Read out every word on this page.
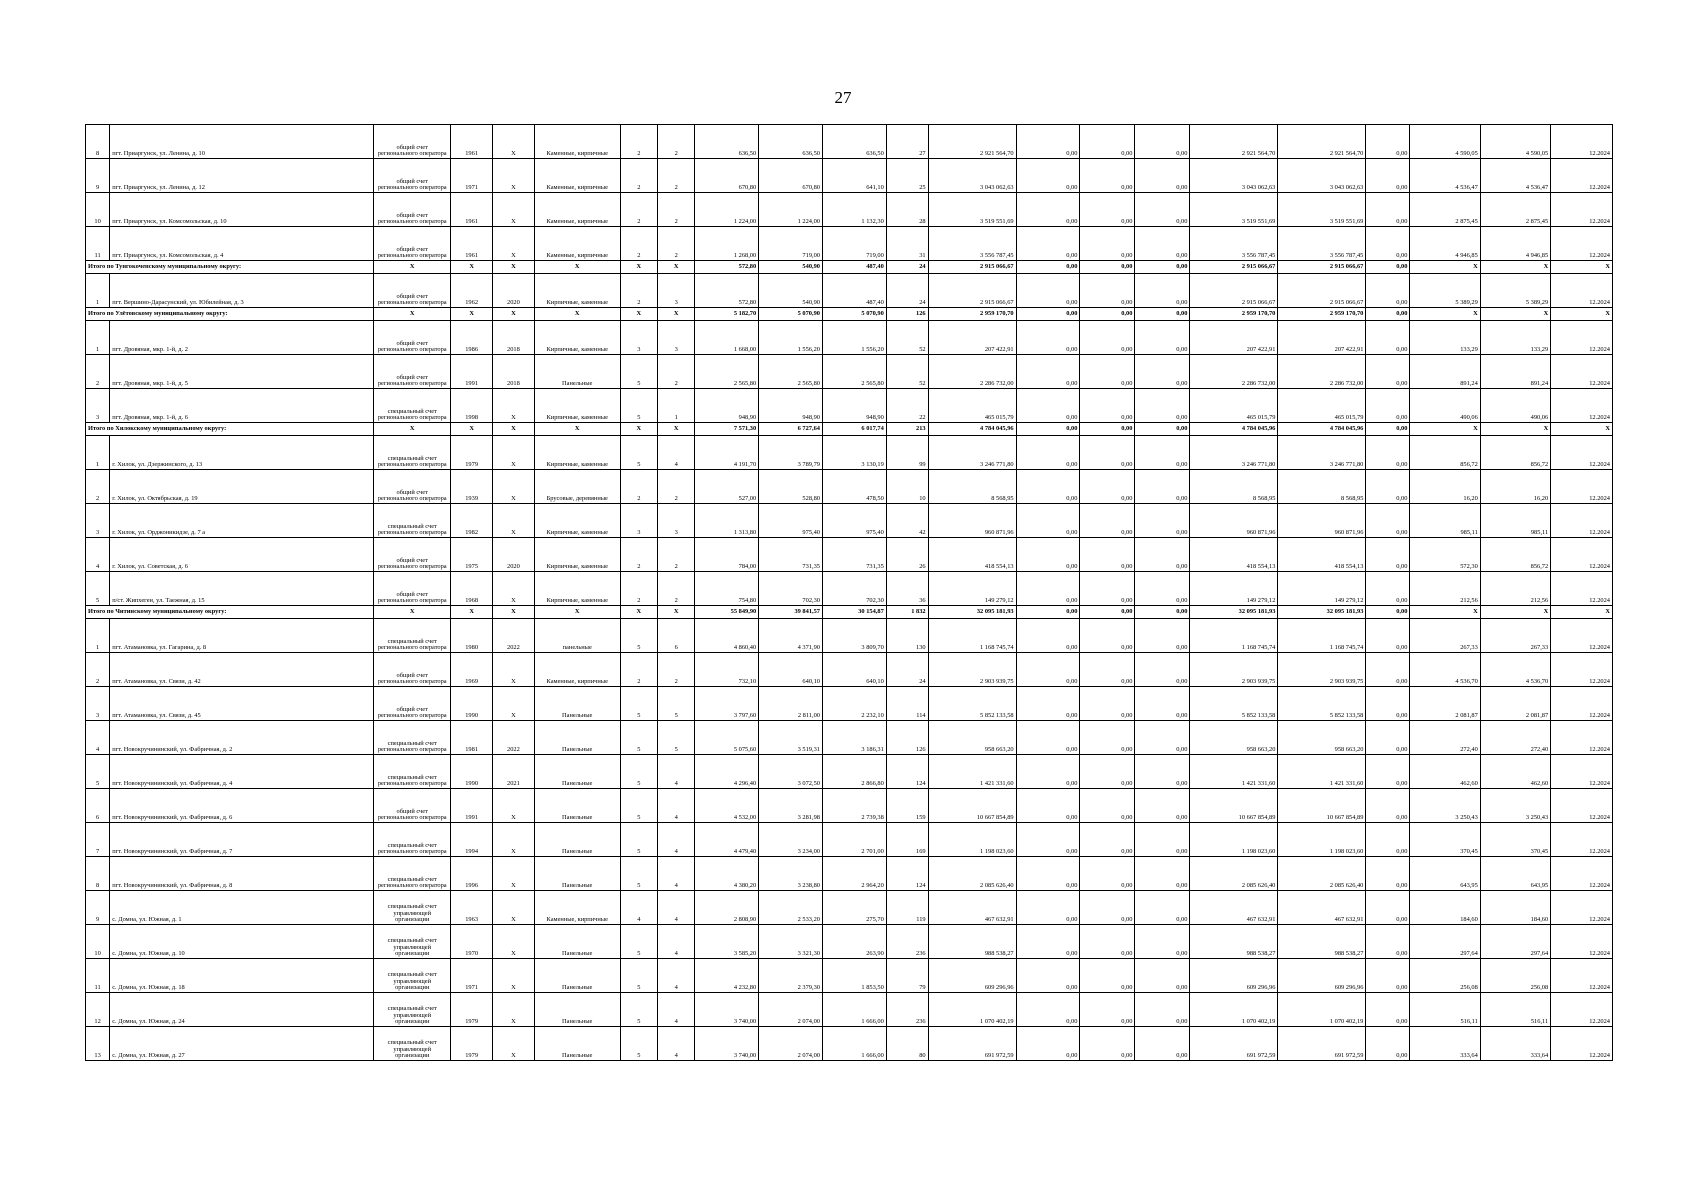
27
8	пгт. Приаргунск, ул. Ленина, д. 10	общий счет регионального оператора	1961	Х	Каменные, кирпичные	2	2	636,50	636,50	636,50	27	2 921 564,70	0,00	0,00	0,00	2 921 564,70	2 921 564,70	0,00	4 590,05	4 590,05	12.2024
9	пгт. Приаргунск, ул. Ленина, д. 12	общий счет регионального оператора	1971	Х	Каменные, кирпичные	2	2	670,80	670,80	641,10	25	3 043 062,63	0,00	0,00	0,00	3 043 062,63	3 043 062,63	0,00	4 536,47	4 536,47	12.2024
10	пгт. Приаргунск, ул. Комсомольская, д. 10	общий счет регионального оператора	1961	Х	Каменные, кирпичные	2	2	1 224,00	1 224,00	1 132,30	28	3 519 551,69	0,00	0,00	0,00	3 519 551,69	3 519 551,69	0,00	2 875,45	2 875,45	12.2024
11	пгт. Приаргунск, ул. Комсомольская, д. 4	общий счет регионального оператора	1961	Х	Каменные, кирпичные	2	2	1 268,00	719,00	719,00	31	3 556 787,45	0,00	0,00	0,00	3 556 787,45	3 556 787,45	0,00	4 946,85	4 946,85	12.2024
Итого по Тунгокоченскому муниципальному округу:		Х	Х	Х	Х	Х	Х	572,80	540,90	487,40	24	2 915 066,67	0,00	0,00	0,00	2 915 066,67	2 915 066,67	0,00	Х	Х	Х
1	пгт. Вершино-Дарасунский, ул. Юбилейная, д. 3	общий счет регионального оператора	1962	2020	Кирпичные, каменные	2	3	572,80	540,90	487,40	24	2 915 066,67	0,00	0,00	0,00	2 915 066,67	2 915 066,67	0,00	5 389,29	5 389,29	12.2024
Итого по Улётовскому муниципальному округу:		Х	Х	Х	Х	Х	Х	5 182,70	5 070,90	5 070,90	126	2 959 170,70	0,00	0,00	0,00	2 959 170,70	2 959 170,70	0,00	Х	Х	Х
1	пгт. Дровяная, мкр. 1-й, д. 2	общий счет регионального оператора	1986	2018	Кирпичные, каменные	3	3	1 668,00	1 556,20	1 556,20	52	207 422,91	0,00	0,00	0,00	207 422,91	207 422,91	0,00	133,29	133,29	12.2024
2	пгт. Дровяная, мкр. 1-й, д. 5	общий счет регионального оператора	1991	2018	Панельные	5	2	2 565,80	2 565,80	2 565,80	52	2 286 732,00	0,00	0,00	0,00	2 286 732,00	2 286 732,00	0,00	891,24	891,24	12.2024
3	пгт. Дровяная, мкр. 1-й, д. 6	специальный счет регионального оператора	1998	Х	Кирпичные, каменные	5	1	948,90	948,90	948,90	22	465 015,79	0,00	0,00	0,00	465 015,79	465 015,79	0,00	490,06	490,06	12.2024
Итого по Хилокскому муниципальному округу:		Х	Х	Х	Х	Х	Х	7 571,30	6 727,64	6 017,74	213	4 784 045,96	0,00	0,00	0,00	4 784 045,96	4 784 045,96	0,00	Х	Х	Х
1	г. Хилок, ул. Дзержинского, д. 13	специальный счет регионального оператора	1979	Х	Кирпичные, каменные	5	4	4 191,70	3 789,79	3 130,19	99	3 246 771,80	0,00	0,00	0,00	3 246 771,80	3 246 771,80	0,00	856,72	856,72	12.2024
2	г. Хилок, ул. Октябрьская, д. 19	общий счет регионального оператора	1939	Х	Брусовые, деревянные	2	2	527,00	528,80	478,50	10	8 568,95	0,00	0,00	0,00	8 568,95	8 568,95	0,00	16,20	16,20	12.2024
3	г. Хилок, ул. Орджоникидзе, д. 7 а	специальный счет регионального оператора	1982	Х	Кирпичные, каменные	3	3	1 313,80	975,40	975,40	42	960 871,96	0,00	0,00	0,00	960 871,96	960 871,96	0,00	985,11	985,11	12.2024
4	г. Хилок, ул. Советская, д. 6	общий счет регионального оператора	1975	2020	Кирпичные, каменные	2	2	784,00	731,35	731,35	26	418 554,13	0,00	0,00	0,00	418 554,13	418 554,13	0,00	572,30	856,72	12.2024
5	п/ст. Жипхеген, ул. Таежная, д. 15	общий счет регионального оператора	1968	Х	Кирпичные, каменные	2	2	754,80	702,30	702,30	36	149 279,12	0,00	0,00	0,00	149 279,12	149 279,12	0,00	212,56	212,56	12.2024
Итого по Читинскому муниципальному округу:		Х	Х	Х	Х	Х	Х	55 849,90	39 841,57	30 154,87	1 832	32 095 181,93	0,00	0,00	0,00	32 095 181,93	32 095 181,93	0,00	Х	Х	Х
1	пгт. Атамановка, ул. Гагарина, д. 8	специальный счет регионального оператора	1980	2022	панельные	5	6	4 860,40	4 371,90	3 809,70	130	1 168 745,74	0,00	0,00	0,00	1 168 745,74	1 168 745,74	0,00	267,33	267,33	12.2024
2	пгт. Атамановка, ул. Связи, д. 42	общий счет регионального оператора	1969	Х	Каменные, кирпичные	2	2	732,10	640,10	640,10	24	2 903 939,75	0,00	0,00	0,00	2 903 939,75	2 903 939,75	0,00	4 536,70	4 536,70	12.2024
3	пгт. Атамановка, ул. Связи, д. 45	общий счет регионального оператора	1990	Х	Панельные	5	5	3 797,60	2 811,00	2 232,10	114	5 852 133,58	0,00	0,00	0,00	5 852 133,58	5 852 133,58	0,00	2 081,87	2 081,87	12.2024
4	пгт. Новокручининский, ул. Фабричная, д. 2	специальный счет регионального оператора	1981	2022	Панельные	5	5	5 075,60	3 519,31	3 186,31	126	958 663,20	0,00	0,00	0,00	958 663,20	958 663,20	0,00	272,40	272,40	12.2024
5	пгт. Новокручининский, ул. Фабричная, д. 4	специальный счет регионального оператора	1990	2021	Панельные	5	4	4 296,40	3 072,50	2 866,80	124	1 421 331,60	0,00	0,00	0,00	1 421 331,60	1 421 331,60	0,00	462,60	462,60	12.2024
6	пгт. Новокручининский, ул. Фабричная, д. 6	общий счет регионального оператора	1991	Х	Панельные	5	4	4 532,00	3 281,98	2 739,38	159	10 667 854,89	0,00	0,00	0,00	10 667 854,89	10 667 854,89	0,00	3 250,43	3 250,43	12.2024
7	пгт. Новокручининский, ул. Фабричная, д. 7	специальный счет регионального оператора	1994	Х	Панельные	5	4	4 479,40	3 234,00	2 701,00	169	1 198 023,60	0,00	0,00	0,00	1 198 023,60	1 198 023,60	0,00	370,45	370,45	12.2024
8	пгт. Новокручининский, ул. Фабричная, д. 8	специальный счет регионального оператора	1996	Х	Панельные	5	4	4 380,20	3 238,80	2 964,20	124	2 085 626,40	0,00	0,00	0,00	2 085 626,40	2 085 626,40	0,00	643,95	643,95	12.2024
9	с. Домна, ул. Южная, д. 1	специальный счет управляющей организации	1963	Х	Каменные, кирпичные	4	4	2 808,90	2 533,20	275,70	119	467 632,91	0,00	0,00	0,00	467 632,91	467 632,91	0,00	184,60	184,60	12.2024
10	с. Домна, ул. Южная, д. 10	специальный счет управляющей организации	1970	Х	Панельные	5	4	3 585,20	3 321,30	263,90	236	988 538,27	0,00	0,00	0,00	988 538,27	988 538,27	0,00	297,64	297,64	12.2024
11	с. Домна, ул. Южная, д. 18	специальный счет управляющей организации	1971	Х	Панельные	5	4	4 232,80	2 379,30	1 853,50	79	609 296,96	0,00	0,00	0,00	609 296,96	609 296,96	0,00	256,08	256,08	12.2024
12	с. Домна, ул. Южная, д. 24	специальный счет управляющей организации	1979	Х	Панельные	5	4	3 740,00	2 074,00	1 666,00	236	1 070 402,19	0,00	0,00	0,00	1 070 402,19	1 070 402,19	0,00	516,11	516,11	12.2024
13	с. Домна, ул. Южная, д. 27	специальный счет управляющей организации	1979	Х	Панельные	5	4	3 740,00	2 074,00	1 666,00	80	691 972,59	0,00	0,00	0,00	691 972,59	691 972,59	0,00	333,64	333,64	12.2024
